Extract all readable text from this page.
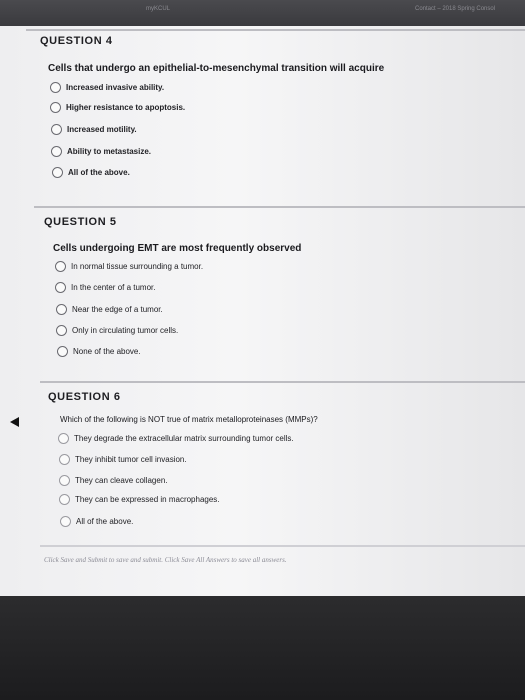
myKCUL	Contact – 2018 Spring Consol
QUESTION 4
Cells that undergo an epithelial-to-mesenchymal transition will acquire
Increased invasive ability.
Higher resistance to apoptosis.
Increased motility.
Ability to metastasize.
All of the above.
QUESTION 5
Cells undergoing EMT are most frequently observed
In normal tissue surrounding a tumor.
In the center of a tumor.
Near the edge of a tumor.
Only in circulating tumor cells.
None of the above.
QUESTION 6
Which of the following is NOT true of matrix metalloproteinases (MMPs)?
They degrade the extracellular matrix surrounding tumor cells.
They inhibit tumor cell invasion.
They can cleave collagen.
They can be expressed in macrophages.
All of the above.
Click Save and Submit to save and submit. Click Save All Answers to save all answers.
